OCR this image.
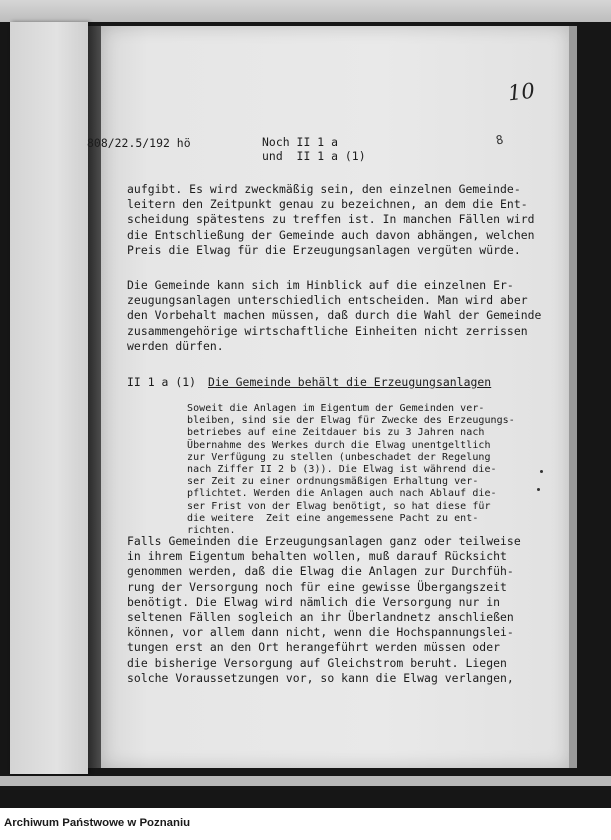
10
808/22.5/192 hö	Noch II 1 a
und  II 1 a (1)
8
aufgibt. Es wird zweckmäßig sein, den einzelnen Gemeinde-
leitern den Zeitpunkt genau zu bezeichnen, an dem die Ent-
scheidung spätestens zu treffen ist. In manchen Fällen wird
die Entschließung der Gemeinde auch davon abhängen, welchen
Preis die Elwag für die Erzeugungsanlagen vergüten würde.
Die Gemeinde kann sich im Hinblick auf die einzelnen Er-
zeugungsanlagen unterschiedlich entscheiden. Man wird aber
den Vorbehalt machen müssen, daß durch die Wahl der Gemeinde
zusammengehörige wirtschaftliche Einheiten nicht zerrissen
werden dürfen.
II 1 a (1) Die Gemeinde behält die Erzeugungsanlagen
Soweit die Anlagen im Eigentum der Gemeinden ver-
bleiben, sind sie der Elwag für Zwecke des Erzeugungs-
betriebes auf eine Zeitdauer bis zu 3 Jahren nach
Übernahme des Werkes durch die Elwag unentgeltlich
zur Verfügung zu stellen (unbeschadet der Regelung
nach Ziffer II 2 b (3)). Die Elwag ist während die-
ser Zeit zu einer ordnungsmäßigen Erhaltung ver-
pflichtet. Werden die Anlagen auch nach Ablauf die-
ser Frist von der Elwag benötigt, so hat diese für
die weitere  Zeit eine angemessene Pacht zu ent-
richten.
Falls Gemeinden die Erzeugungsanlagen ganz oder teilweise
in ihrem Eigentum behalten wollen, muß darauf Rücksicht
genommen werden, daß die Elwag die Anlagen zur Durchfüh-
rung der Versorgung noch für eine gewisse Übergangszeit
benötigt. Die Elwag wird nämlich die Versorgung nur in
seltenen Fällen sogleich an ihr Überlandnetz anschließen
können, vor allem dann nicht, wenn die Hochspannungslei-
tungen erst an den Ort herangeführt werden müssen oder
die bisherige Versorgung auf Gleichstrom beruht. Liegen
solche Voraussetzungen vor, so kann die Elwag verlangen,
Archiwum Państwowe w Poznaniu
